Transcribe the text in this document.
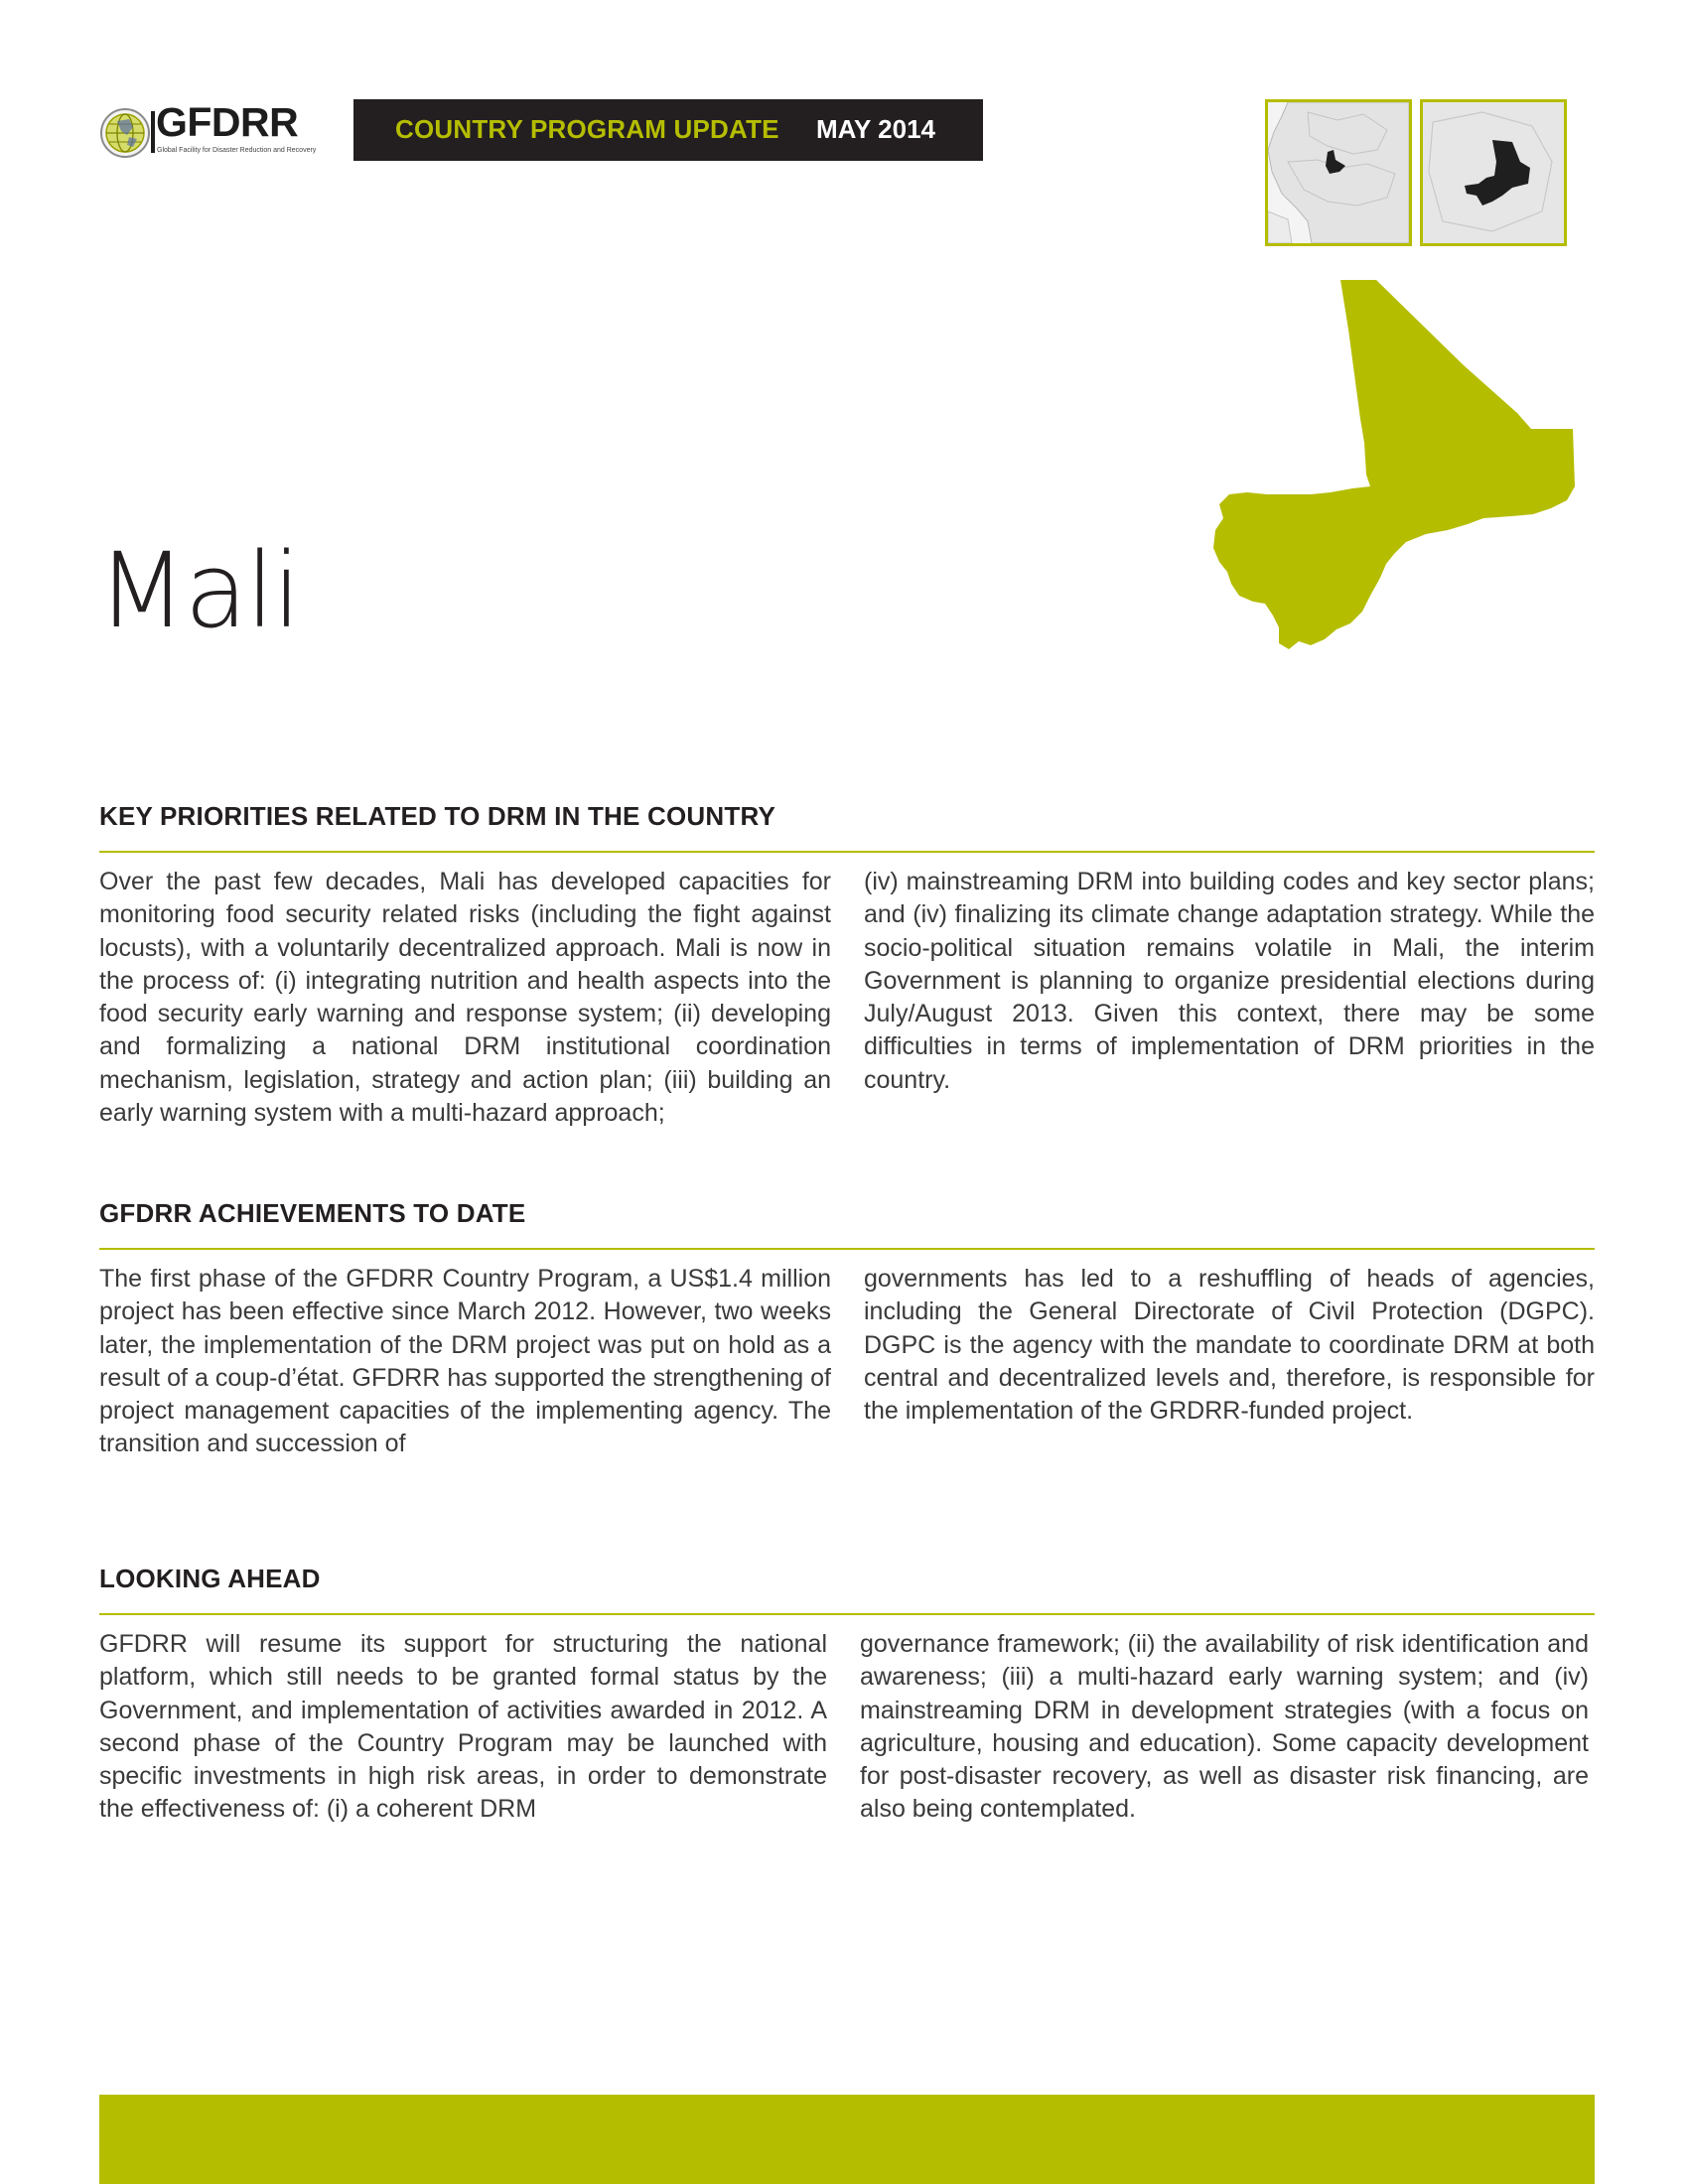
GFDRR
Global Facility for Disaster Reduction and Recovery
COUNTRY PROGRAM UPDATE MAY 2014
Mali
KEY PRIORITIES RELATED TO DRM IN THE COUNTRY

Over the past few decades, Mali has developed capacities for monitoring food security related risks (including the fight against locusts), with a voluntarily decentralized approach. Mali is now in the process of: (i) integrating nutrition and health aspects into the food security early warning and response system; (ii) developing and formalizing a national DRM institutional coordination mechanism, legislation, strategy and action plan; (iii) building an early warning system with a multi-hazard approach;

(iv) mainstreaming DRM into building codes and key sector plans; and (iv) finalizing its climate change adaptation strategy. While the socio-political situation remains volatile in Mali, the interim Government is planning to organize presidential elections during July/August 2013. Given this context, there may be some difficulties in terms of implementation of DRM priorities in the country.

GFDRR ACHIEVEMENTS TO DATE

The first phase of the GFDRR Country Program, a US$1.4 million project has been effective since March 2012. However, two weeks later, the implementation of the DRM project was put on hold as a result of a coup-d’état. GFDRR has supported the strengthening of project management capacities of the implementing agency. The transition and succession of

governments has led to a reshuffling of heads of agencies, including the General Directorate of Civil Protection (DGPC). DGPC is the agency with the mandate to coordinate DRM at both central and decentralized levels and, therefore, is responsible for the implementation of the GRDRR-funded project.

LOOKING AHEAD

GFDRR will resume its support for structuring the national platform, which still needs to be granted formal status by the Government, and implementation of activities awarded in 2012. A second phase of the Country Program may be launched with specific investments in high risk areas, in order to demonstrate the effectiveness of: (i) a coherent DRM

governance framework; (ii) the availability of risk identification and awareness; (iii) a multi-hazard early warning system; and (iv) mainstreaming DRM in development strategies (with a focus on agriculture, housing and education). Some capacity development for post-disaster recovery, as well as disaster risk financing, are also being contemplated.
